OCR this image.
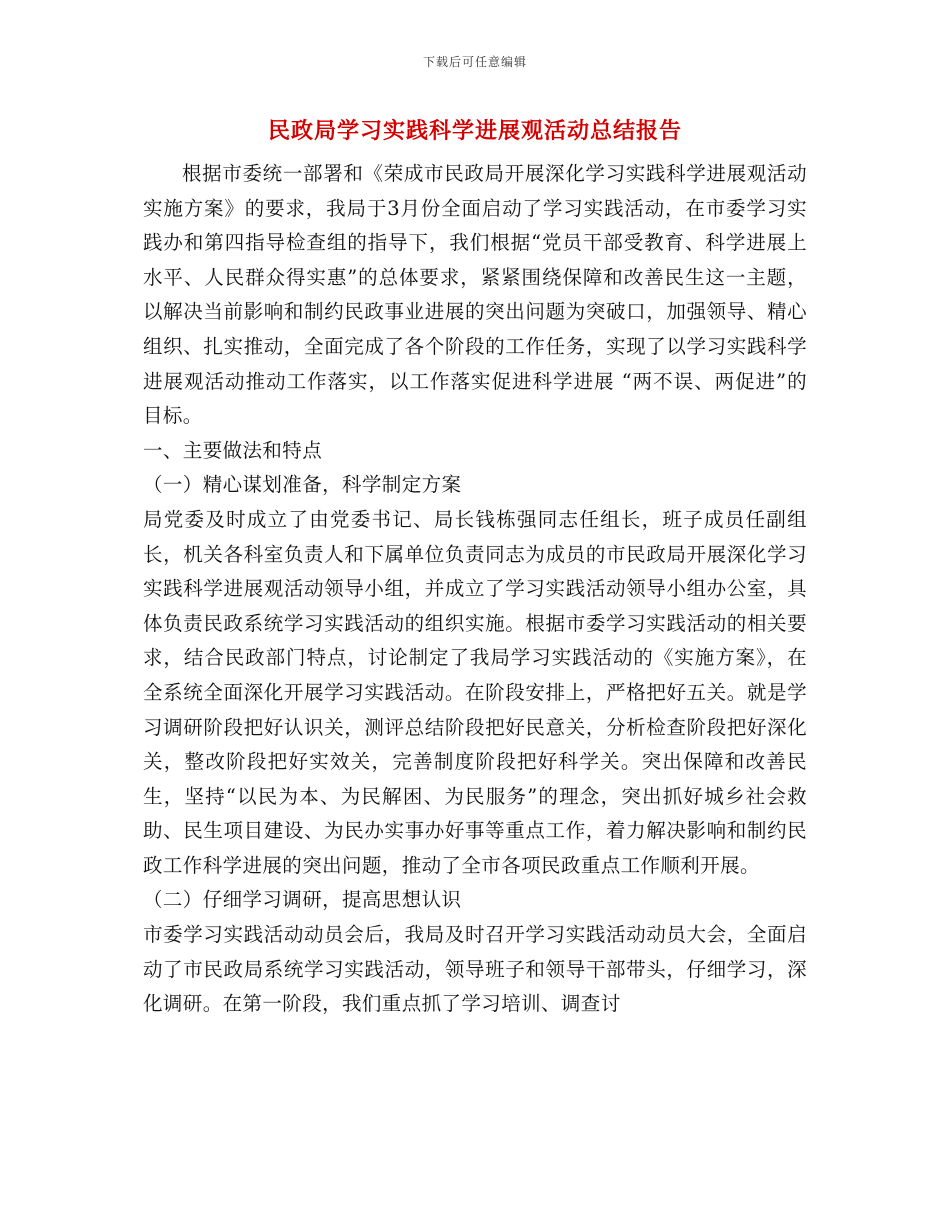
下载后可任意编辑
民政局学习实践科学进展观活动总结报告

根据市委统一部署和《荣成市民政局开展深化学习实践科学进展观活动实施方案》的要求，我局于3月份全面启动了学习实践活动，在市委学习实践办和第四指导检查组的指导下，我们根据“党员干部受教育、科学进展上水平、人民群众得实惠”的总体要求，紧紧围绕保障和改善民生这一主题，以解决当前影响和制约民政事业进展的突出问题为突破口，加强领导、精心组织、扎实推动，全面完成了各个阶段的工作任务，实现了以学习实践科学进展观活动推动工作落实，以工作落实促进科学进展 “两不误、两促进”的目标。

一、主要做法和特点

（一）精心谋划准备，科学制定方案

局党委及时成立了由党委书记、局长钱栋强同志任组长，班子成员任副组长，机关各科室负责人和下属单位负责同志为成员的市民政局开展深化学习实践科学进展观活动领导小组，并成立了学习实践活动领导小组办公室，具体负责民政系统学习实践活动的组织实施。根据市委学习实践活动的相关要求，结合民政部门特点，讨论制定了我局学习实践活动的《实施方案》，在全系统全面深化开展学习实践活动。在阶段安排上，严格把好五关。就是学习调研阶段把好认识关，测评总结阶段把好民意关，分析检查阶段把好深化关，整改阶段把好实效关，完善制度阶段把好科学关。突出保障和改善民生，坚持“以民为本、为民解困、为民服务”的理念，突出抓好城乡社会救助、民生项目建设、为民办实事办好事等重点工作，着力解决影响和制约民政工作科学进展的突出问题，推动了全市各项民政重点工作顺利开展。

（二）仔细学习调研，提高思想认识

市委学习实践活动动员会后，我局及时召开学习实践活动动员大会，全面启动了市民政局系统学习实践活动，领导班子和领导干部带头，仔细学习，深化调研。在第一阶段，我们重点抓了学习培训、调查讨
